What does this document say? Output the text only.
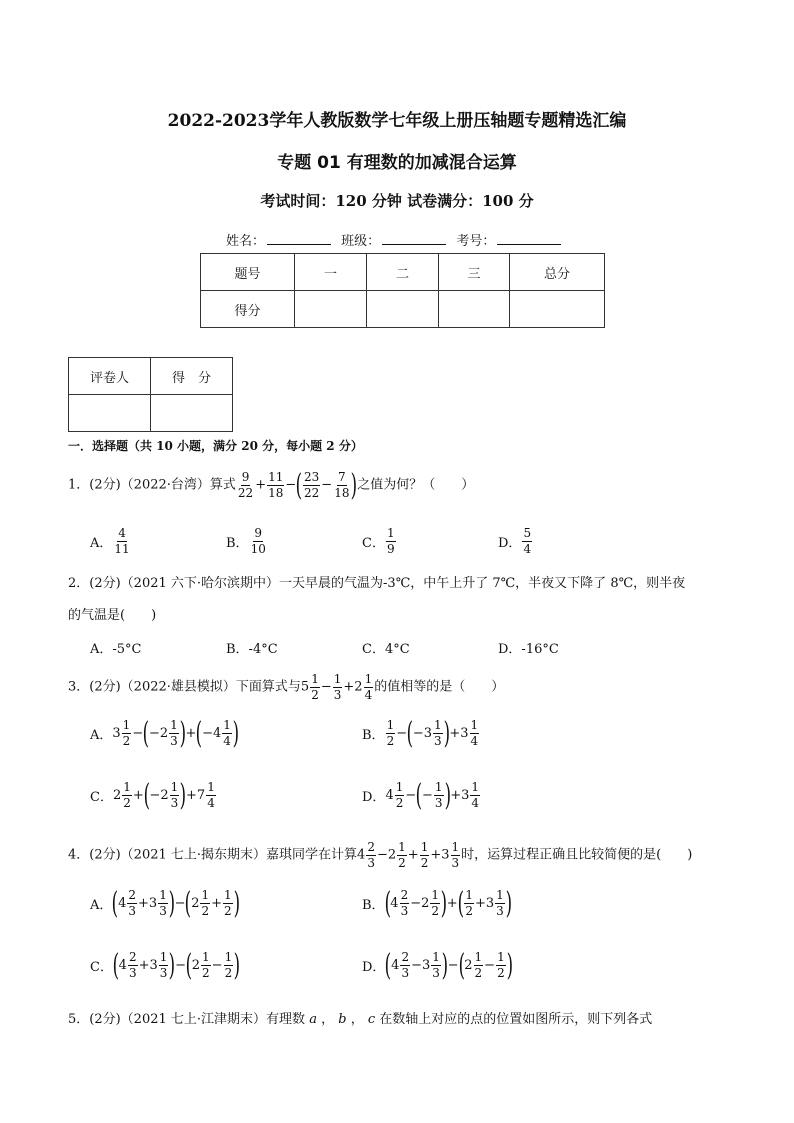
2022-2023学年人教版数学七年级上册压轴题专题精选汇编
专题 01 有理数的加减混合运算
考试时间：120 分钟 试卷满分：100 分
姓名：	班级：	考号：
题号	一	二	三	总分
得分				
评卷人	得　分

一．选择题（共 10 小题，满分 20 分，每小题 2 分）
1．(2分)（2022·台湾）算式 $\frac{9}{22} + \frac{11}{18}$ −( $\frac{23}{22} - \frac{7}{18}$ )之值为何？（　　）
A． $\frac{4}{11}$	B． $\frac{9}{10}$	C． $\frac{1}{9}$	D． $\frac{5}{4}$
2．(2分)（2021 六下·哈尔滨期中）一天早晨的气温为-3℃，中午上升了 7℃，半夜又下降了 8℃，则半夜
的气温是(　　)
A．-5°C	B．-4°C	C．4°C	D．-16°C
3．(2分)（2022·雄县模拟）下面算式与$5 \frac{1}{2} - \frac{1}{3} +2 \frac{1}{4}$ 的值相等的是（　　）
A．$3 \frac{1}{2} -(-2 \frac{1}{3} )+(-4 \frac{1}{4}$ )	B． $\frac{1}{2} -(-3 \frac{1}{3} )+3 \frac{1}{4}$
C．$2 \frac{1}{2} +(-2 \frac{1}{3} )+7 \frac{1}{4}$	D．$4 \frac{1}{2}$ −(− $\frac{1}{3} )+3 \frac{1}{4}$
4．(2分)（2021 七上·揭东期末）嘉琪同学在计算$4 \frac{2}{3} -2 \frac{1}{2} + \frac{1}{2} +3 \frac{1}{3}$ 时，运算过程正确且比较简便的是(　　)
A．$(4 \frac{2}{3} +3 \frac{1}{3} )-(2 \frac{1}{2} + \frac{1}{2}$ )	B．($4 \frac{2}{3} -2 \frac{1}{2}$ )+( $\frac{1}{2} +3 \frac{1}{3}$ )
C．$(4 \frac{2}{3} +3 \frac{1}{3} )-(2 \frac{1}{2} - \frac{1}{2}$ )	D．$(4 \frac{2}{3} -3 \frac{1}{3} )-(2 \frac{1}{2} - \frac{1}{2}$ )
5．(2分)（2021 七上·江津期末）有理数 a ， b ， c 在数轴上对应的点的位置如图所示，则下列各式
